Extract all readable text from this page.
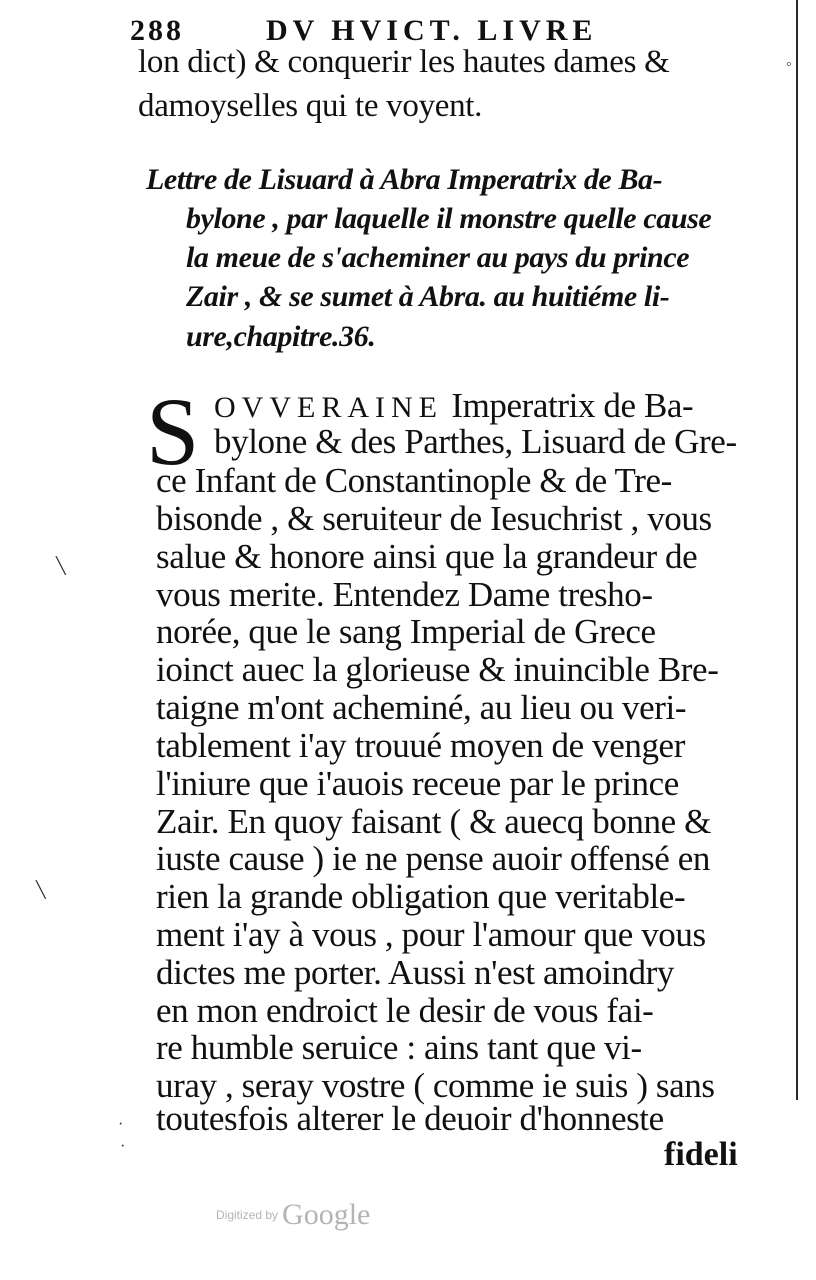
288	DV HVICT. LIVRE
lon dict) & conquerir les hautes dames &
damoyselles qui te voyent.
Lettre de Lisuard à Abra Imperatrix de Ba-
bylone , par laquelle il monstre quelle cause
la meue de s'acheminer au pays du prince
Zair , & se sumet à Abra. au huitiéme li-
ure,chapitre.36.
S OVVERAINE Imperatrix de Ba-
bylone & des Parthes, Lisuard de Gre-
ce Infant de Constantinople & de Tre-
bisonde , & seruiteur de Iesuchrist , vous
salue & honore ainsi que la grandeur de
vous merite. Entendez Dame tresho-
norée, que le sang Imperial de Grece
ioinct auec la glorieuse & inuincible Bre-
taigne m'ont acheminé, au lieu ou veri-
tablement i'ay trouué moyen de venger
l'iniure que i'auois receue par le prince
Zair. En quoy faisant ( & auecq bonne &
iuste cause ) ie ne pense auoir offensé en
rien la grande obligation que veritable-
ment i'ay à vous , pour l'amour que vous
dictes me porter. Aussi n'est amoindry
en mon endroict le desir de vous fai-
re humble seruice : ains tant que vi-
uray , seray vostre ( comme ie suis ) sans
toutesfois alterer le deuoir d'honneste
fideli
◦
╲
╲
·
·
Digitized by Google
